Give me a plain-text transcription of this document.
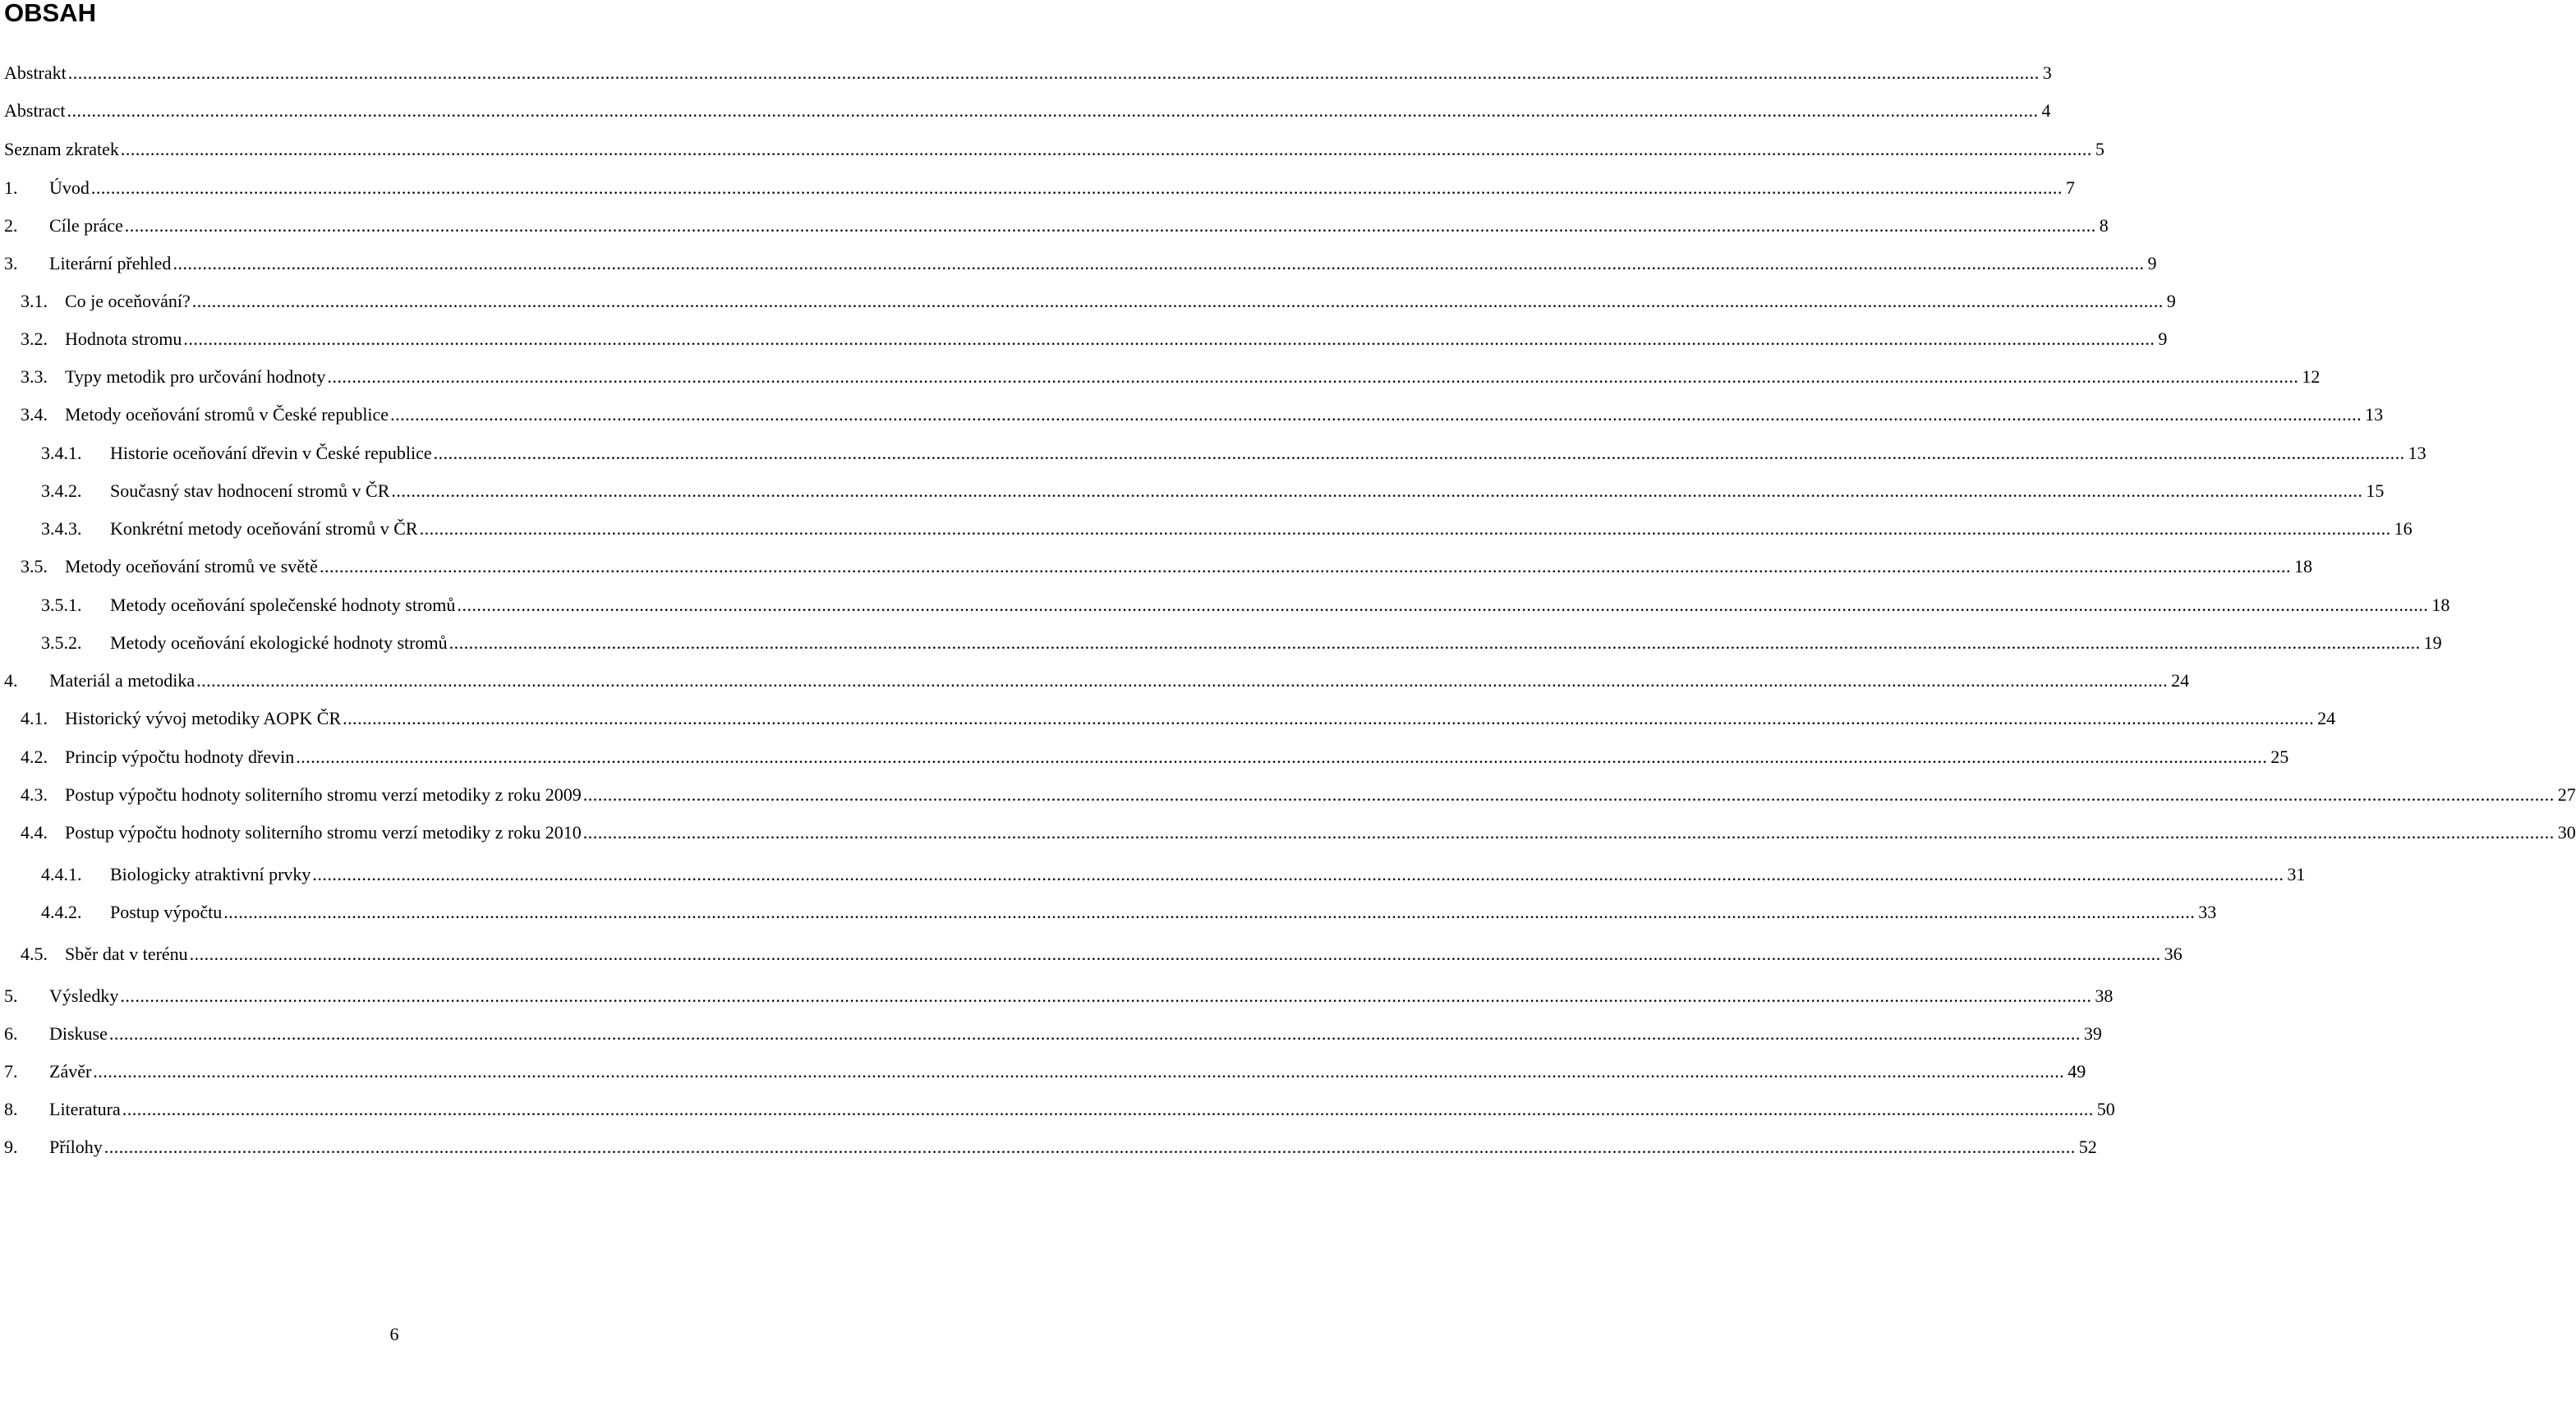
OBSAH
Abstrakt ................................................................................................................................................................................................................................................................................................................................................................................................................ 3
Abstract ................................................................................................................................................................................................................................................................................................................................................................................................................ 4
Seznam zkratek ................................................................................................................................................................................................................................................................................................................................................................................................................ 5
1.	Úvod ................................................................................................................................................................................................................................................................................................................................................................................................................ 7
2.	Cíle práce ................................................................................................................................................................................................................................................................................................................................................................................................................ 8
3.	Literární přehled ................................................................................................................................................................................................................................................................................................................................................................................................................ 9
3.1. Co je oceňování? ................................................................................................................................................................................................................................................................................................................................................................................................................ 9
3.2. Hodnota stromu ................................................................................................................................................................................................................................................................................................................................................................................................................ 9
3.3. Typy metodik pro určování hodnoty ................................................................................................................................................................................................................................................................................................................................................................................................................ 12
3.4. Metody oceňování stromů v České republice ................................................................................................................................................................................................................................................................................................................................................................................................................ 13
3.4.1.	Historie oceňování dřevin v České republice ................................................................................................................................................................................................................................................................................................................................................................................................................ 13
3.4.2.	Současný stav hodnocení stromů v ČR ................................................................................................................................................................................................................................................................................................................................................................................................................ 15
3.4.3.	Konkrétní metody oceňování stromů v ČR ................................................................................................................................................................................................................................................................................................................................................................................................................ 16
3.5. Metody oceňování stromů ve světě ................................................................................................................................................................................................................................................................................................................................................................................................................ 18
3.5.1.	Metody oceňování společenské hodnoty stromů ................................................................................................................................................................................................................................................................................................................................................................................................................ 18
3.5.2.	Metody oceňování ekologické hodnoty stromů ................................................................................................................................................................................................................................................................................................................................................................................................................ 19
4.	Materiál a metodika ................................................................................................................................................................................................................................................................................................................................................................................................................ 24
4.1. Historický vývoj metodiky AOPK ČR ................................................................................................................................................................................................................................................................................................................................................................................................................ 24
4.2. Princip výpočtu hodnoty dřevin ................................................................................................................................................................................................................................................................................................................................................................................................................ 25
4.3. Postup výpočtu hodnoty soliterního stromu verzí metodiky z roku 2009 ................................................................................................................................................................................................................................................................................................................................................................................................................ 27
4.4. Postup výpočtu hodnoty soliterního stromu verzí metodiky z roku 2010 ................................................................................................................................................................................................................................................................................................................................................................................................................ 30
4.4.1.	Biologicky atraktivní prvky ................................................................................................................................................................................................................................................................................................................................................................................................................ 31
4.4.2.	Postup výpočtu ................................................................................................................................................................................................................................................................................................................................................................................................................ 33
4.5. Sběr dat v terénu ................................................................................................................................................................................................................................................................................................................................................................................................................ 36
5.	Výsledky ................................................................................................................................................................................................................................................................................................................................................................................................................ 38
6.	Diskuse ................................................................................................................................................................................................................................................................................................................................................................................................................ 39
7.	Závěr ................................................................................................................................................................................................................................................................................................................................................................................................................ 49
8.	Literatura ................................................................................................................................................................................................................................................................................................................................................................................................................ 50
9.	Přílohy ................................................................................................................................................................................................................................................................................................................................................................................................................ 52
6
